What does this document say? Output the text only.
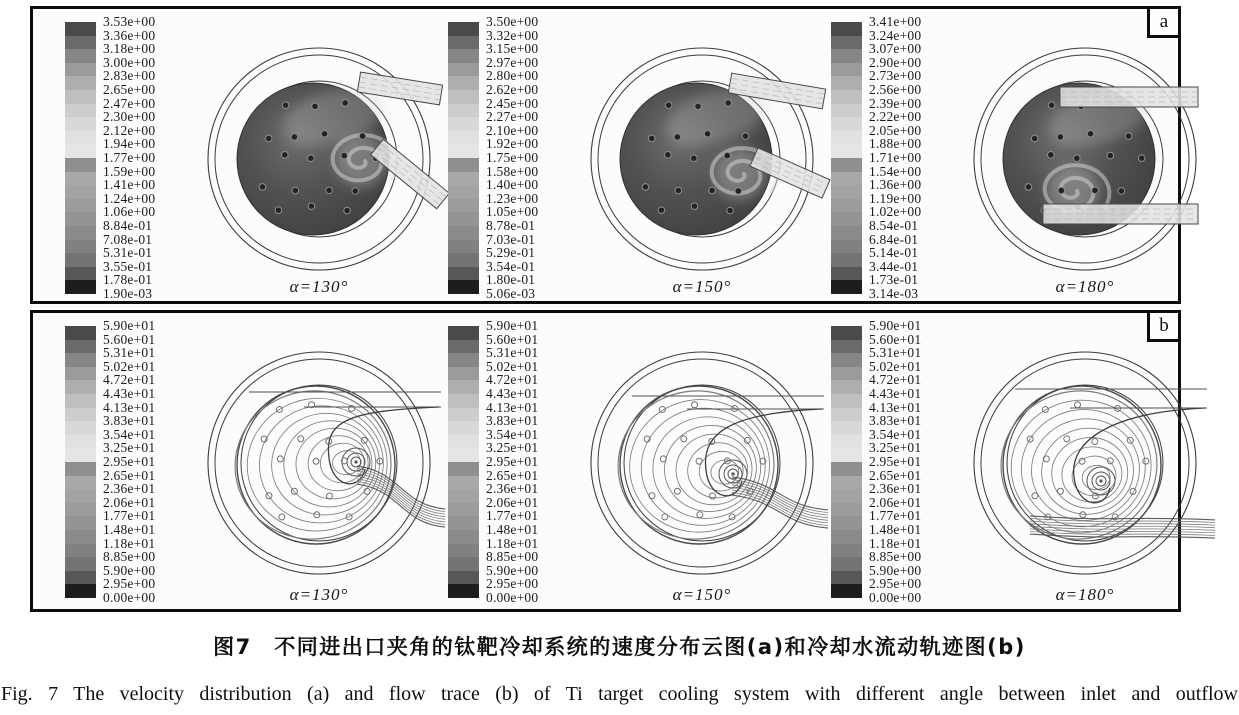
a
3.53e+00
3.36e+00
3.18e+00
3.00e+00
2.83e+00
2.65e+00
2.47e+00
2.30e+00
2.12e+00
1.94e+00
1.77e+00
1.59e+00
1.41e+00
1.24e+00
1.06e+00
8.84e-01
7.08e-01
5.31e-01
3.55e-01
1.78e-01
1.90e-03	α=130°
3.50e+00
3.32e+00
3.15e+00
2.97e+00
2.80e+00
2.62e+00
2.45e+00
2.27e+00
2.10e+00
1.92e+00
1.75e+00
1.58e+00
1.40e+00
1.23e+00
1.05e+00
8.78e-01
7.03e-01
5.29e-01
3.54e-01
1.80e-01
5.06e-03	α=150°
3.41e+00
3.24e+00
3.07e+00
2.90e+00
2.73e+00
2.56e+00
2.39e+00
2.22e+00
2.05e+00
1.88e+00
1.71e+00
1.54e+00
1.36e+00
1.19e+00
1.02e+00
8.54e-01
6.84e-01
5.14e-01
3.44e-01
1.73e-01
3.14e-03	α=180°
b
5.90e+01
5.60e+01
5.31e+01
5.02e+01
4.72e+01
4.43e+01
4.13e+01
3.83e+01
3.54e+01
3.25e+01
2.95e+01
2.65e+01
2.36e+01
2.06e+01
1.77e+01
1.48e+01
1.18e+01
8.85e+00
5.90e+00
2.95e+00
0.00e+00	α=130°
5.90e+01
5.60e+01
5.31e+01
5.02e+01
4.72e+01
4.43e+01
4.13e+01
3.83e+01
3.54e+01
3.25e+01
2.95e+01
2.65e+01
2.36e+01
2.06e+01
1.77e+01
1.48e+01
1.18e+01
8.85e+00
5.90e+00
2.95e+00
0.00e+00	α=150°
5.90e+01
5.60e+01
5.31e+01
5.02e+01
4.72e+01
4.43e+01
4.13e+01
3.83e+01
3.54e+01
3.25e+01
2.95e+01
2.65e+01
2.36e+01
2.06e+01
1.77e+01
1.48e+01
1.18e+01
8.85e+00
5.90e+00
2.95e+00
0.00e+00	α=180°
图7　不同进出口夹角的钛靶冷却系统的速度分布云图(a)和冷却水流动轨迹图(b)
Fig. 7 The velocity distribution (a) and flow trace (b) of Ti target cooling system with different angle between inlet and outflow
